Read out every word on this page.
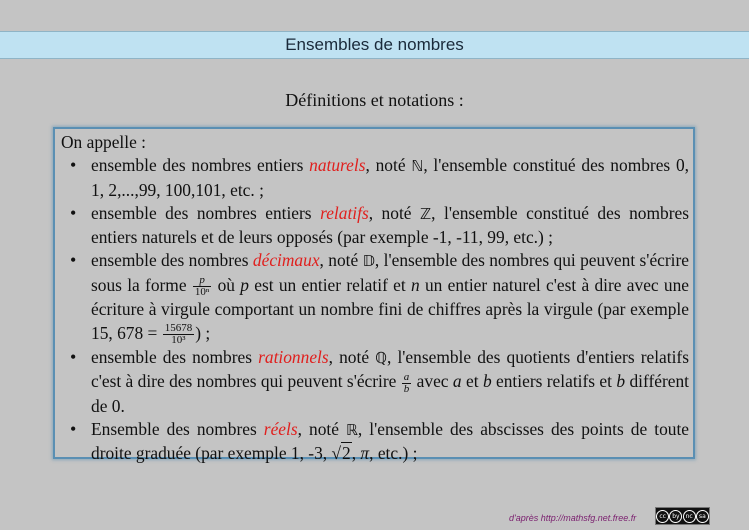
Ensembles de nombres
Définitions et notations :

On appelle :

• ensemble des nombres entiers naturels, noté ℕ, l'ensemble constitué des nombres 0, 1, 2,...,99, 100,101, etc. ;
• ensemble des nombres entiers relatifs, noté ℤ, l'ensemble constitué des nombres entiers naturels et de leurs opposés (par exemple -1, -11, 99, etc.) ;
• ensemble des nombres décimaux, noté 𝔻, l'ensemble des nombres qui peuvent s'écrire sous la forme $\frac{p}{\text{10ⁿ}}$ où p est un entier relatif et n un entier naturel c'est à dire avec une écriture à virgule comportant un nombre fini de chiffres après la virgule (par exemple 15, $678 = \frac{15678}{\text{10³}}$ ) ;
• ensemble des nombres rationnels, noté ℚ, l'ensemble des quotients d'entiers relatifs c'est à dire des nombres qui peuvent s'écrire $\frac{a}{b}$ avec a et b entiers relatifs et b différent de 0.
• Ensemble des nombres réels, noté ℝ, l'ensemble des abscisses des points de toute droite graduée (par exemple 1, -3, √2, π, etc.) ;
d'après http://mathsfg.net.free.fr	cc	by	nc	sa
